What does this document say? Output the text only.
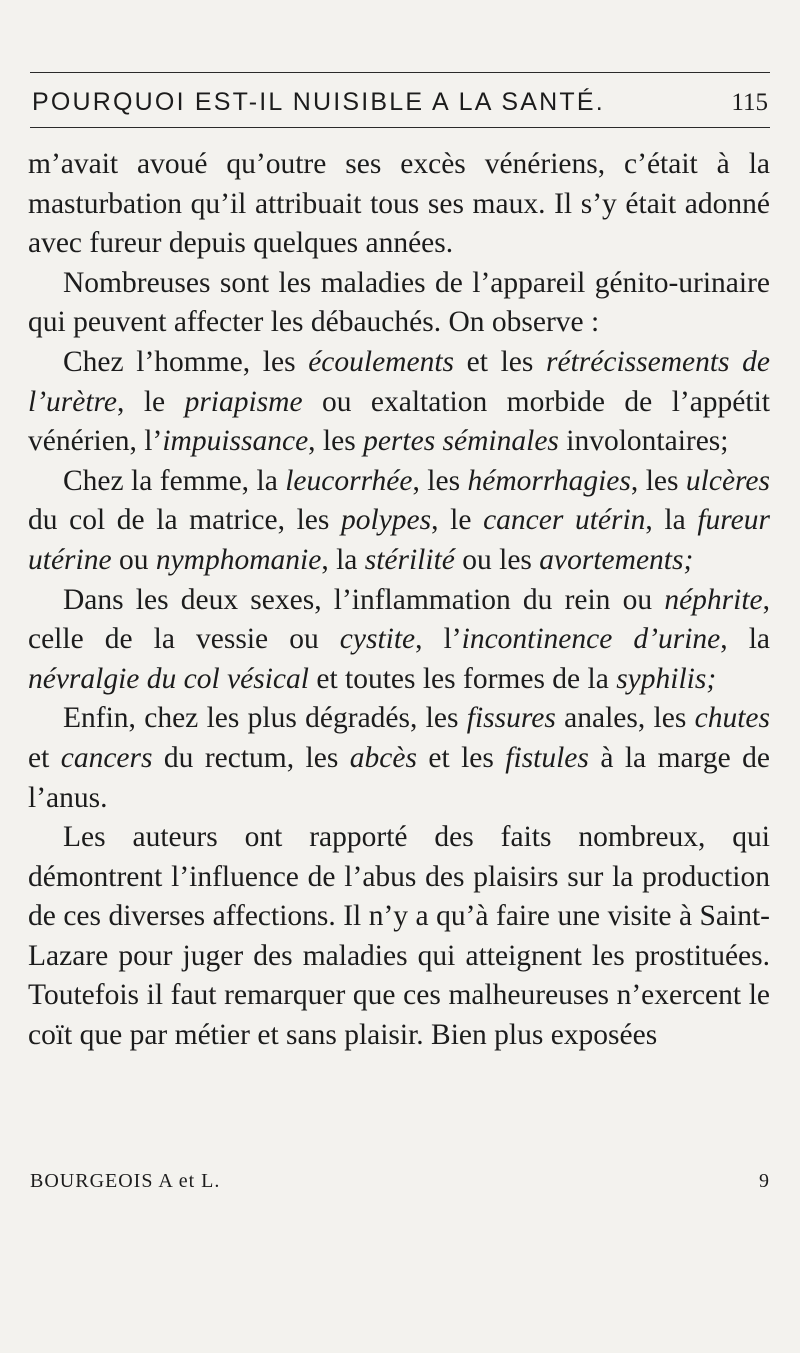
POURQUOI EST-IL NUISIBLE A LA SANTÉ.	115

m’avait avoué qu’outre ses excès vénériens, c’était à la masturbation qu’il attribuait tous ses maux. Il s’y était adonné avec fureur depuis quelques années.

Nombreuses sont les maladies de l’appareil génito-urinaire qui peuvent affecter les débauchés. On observe :

Chez l’homme, les écoulements et les rétrécissements de l’urètre, le priapisme ou exaltation morbide de l’appétit vénérien, l’impuissance, les pertes séminales involontaires;

Chez la femme, la leucorrhée, les hémorrhagies, les ulcères du col de la matrice, les polypes, le cancer utérin, la fureur utérine ou nymphomanie, la stérilité ou les avortements;

Dans les deux sexes, l’inflammation du rein ou néphrite, celle de la vessie ou cystite, l’incontinence d’urine, la névralgie du col vésical et toutes les formes de la syphilis;

Enfin, chez les plus dégradés, les fissures anales, les chutes et cancers du rectum, les abcès et les fistules à la marge de l’anus.

Les auteurs ont rapporté des faits nombreux, qui démontrent l’influence de l’abus des plaisirs sur la production de ces diverses affections. Il n’y a qu’à faire une visite à Saint-Lazare pour juger des maladies qui atteignent les prostituées. Toutefois il faut remarquer que ces malheureuses n’exercent le coït que par métier et sans plaisir. Bien plus exposées

BOURGEOIS A et L.	9
